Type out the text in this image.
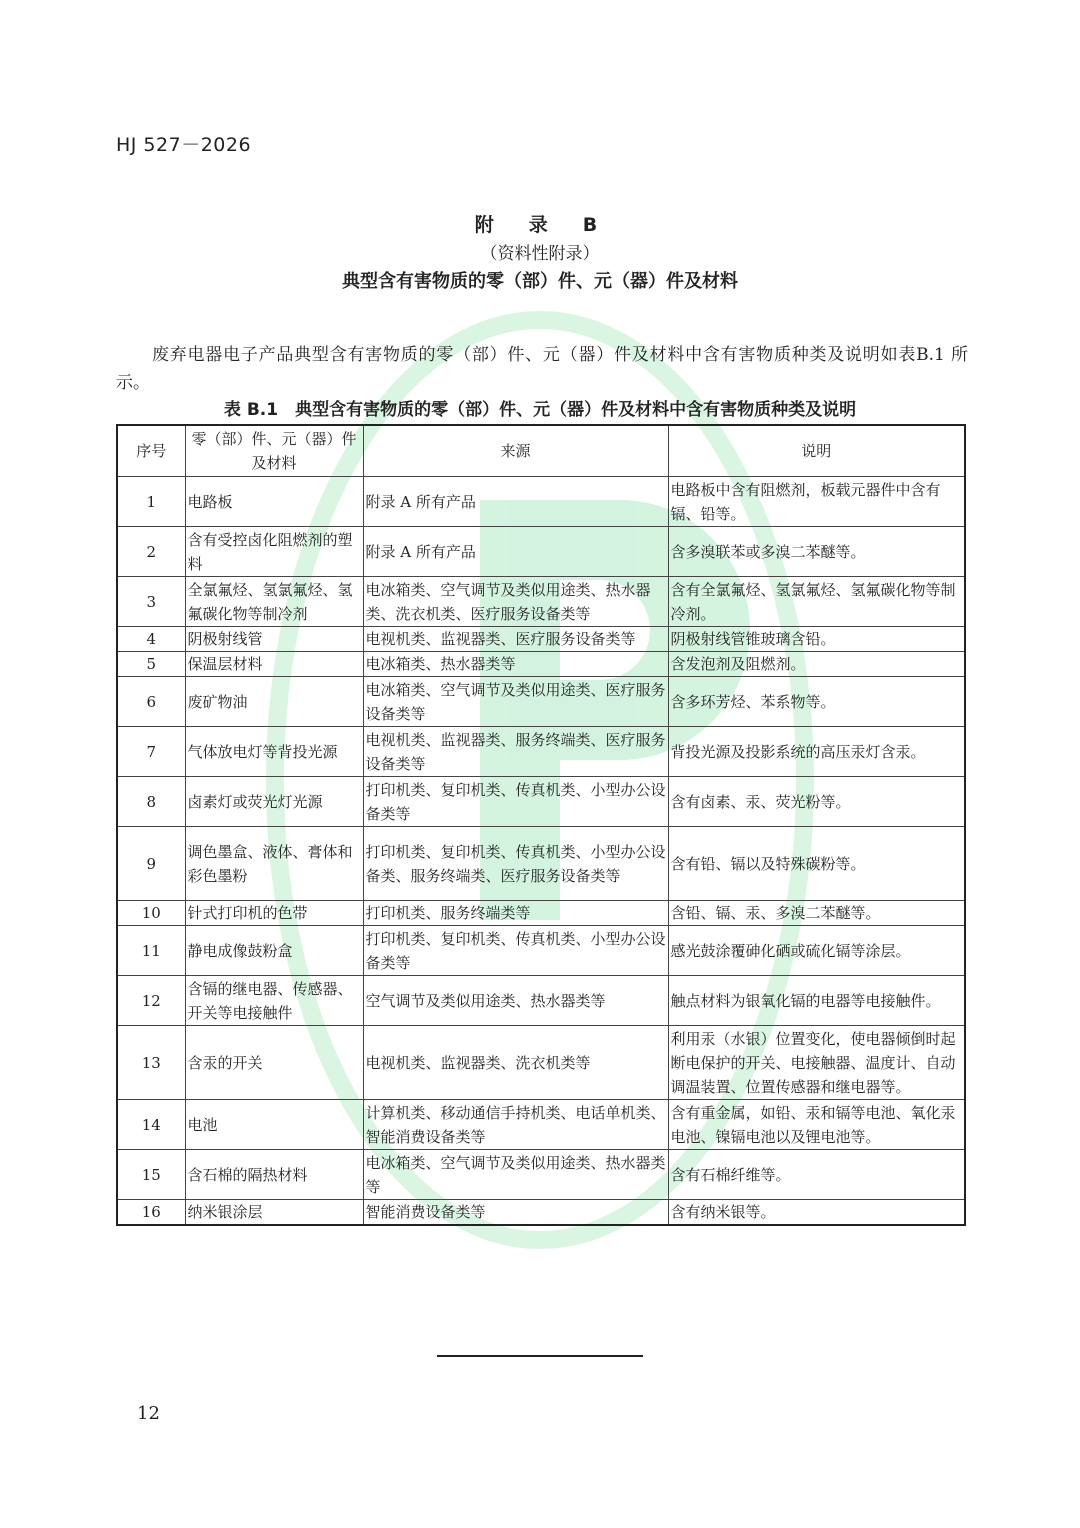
HJ 527－2026
附　录　B
（资料性附录）
典型含有害物质的零（部）件、元（器）件及材料

废弃电器电子产品典型含有害物质的零（部）件、元（器）件及材料中含有害物质种类及说明如表B.1 所示。

表 B.1　典型含有害物质的零（部）件、元（器）件及材料中含有害物质种类及说明
序号	零（部）件、元（器）件及材料	来源	说明
1	电路板	附录 A 所有产品	电路板中含有阻燃剂，板载元器件中含有镉、铅等。
2	含有受控卤化阻燃剂的塑料	附录 A 所有产品	含多溴联苯或多溴二苯醚等。
3	全氯氟烃、氢氯氟烃、氢氟碳化物等制冷剂	电冰箱类、空气调节及类似用途类、热水器类、洗衣机类、医疗服务设备类等	含有全氯氟烃、氢氯氟烃、氢氟碳化物等制冷剂。
4	阴极射线管	电视机类、监视器类、医疗服务设备类等	阴极射线管锥玻璃含铅。
5	保温层材料	电冰箱类、热水器类等	含发泡剂及阻燃剂。
6	废矿物油	电冰箱类、空气调节及类似用途类、医疗服务设备类等	含多环芳烃、苯系物等。
7	气体放电灯等背投光源	电视机类、监视器类、服务终端类、医疗服务设备类等	背投光源及投影系统的高压汞灯含汞。
8	卤素灯或荧光灯光源	打印机类、复印机类、传真机类、小型办公设备类等	含有卤素、汞、荧光粉等。
9	调色墨盒、液体、膏体和彩色墨粉	打印机类、复印机类、传真机类、小型办公设备类、服务终端类、医疗服务设备类等	含有铅、镉以及特殊碳粉等。
10	针式打印机的色带	打印机类、服务终端类等	含铅、镉、汞、多溴二苯醚等。
11	静电成像鼓粉盒	打印机类、复印机类、传真机类、小型办公设备类等	感光鼓涂覆砷化硒或硫化镉等涂层。
12	含镉的继电器、传感器、开关等电接触件	空气调节及类似用途类、热水器类等	触点材料为银氧化镉的电器等电接触件。
13	含汞的开关	电视机类、监视器类、洗衣机类等	利用汞（水银）位置变化，使电器倾倒时起断电保护的开关、电接触器、温度计、自动调温装置、位置传感器和继电器等。
14	电池	计算机类、移动通信手持机类、电话单机类、智能消费设备类等	含有重金属，如铅、汞和镉等电池、氧化汞电池、镍镉电池以及锂电池等。
15	含石棉的隔热材料	电冰箱类、空气调节及类似用途类、热水器类等	含有石棉纤维等。
16	纳米银涂层	智能消费设备类等	含有纳米银等。
12
